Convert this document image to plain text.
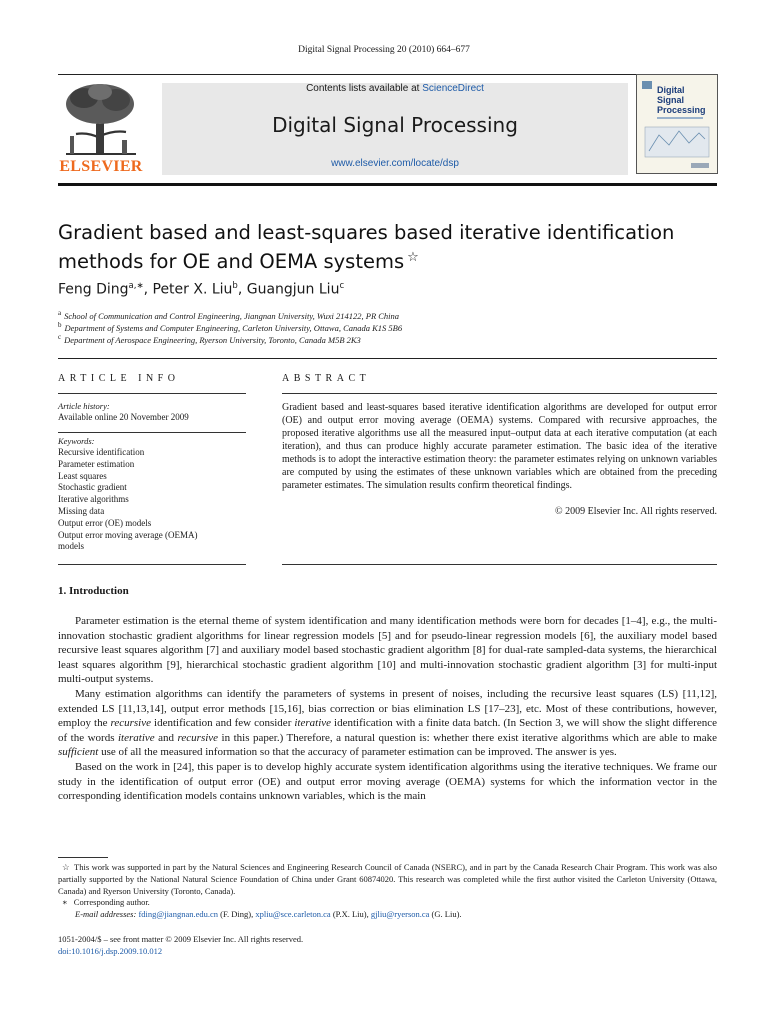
Digital Signal Processing 20 (2010) 664–677
ELSEVIER
Contents lists available at ScienceDirect
Digital Signal Processing
www.elsevier.com/locate/dsp
Digital
Signal
Processing
Gradient based and least-squares based iterative identification methods for OE and OEMA systems ☆
Feng Ding$^{a,∗}$, Peter X. Liu$^b$, Guangjun Liu$^c$
$^a$ School of Communication and Control Engineering, Jiangnan University, Wuxi 214122, PR China
$^b$ Department of Systems and Computer Engineering, Carleton University, Ottawa, Canada K1S 5B6
$^c$ Department of Aerospace Engineering, Ryerson University, Toronto, Canada M5B 2K3
ARTICLE INFO	ABSTRACT
Article history:
Available online 20 November 2009
Keywords:
Recursive identification
Parameter estimation
Least squares
Stochastic gradient
Iterative algorithms
Missing data
Output error (OE) models
Output error moving average (OEMA)
models
Gradient based and least-squares based iterative identification algorithms are developed for output error (OE) and output error moving average (OEMA) systems. Compared with recursive approaches, the proposed iterative algorithms use all the measured input–output data at each iterative computation (at each iteration), and thus can produce highly accurate parameter estimation. The basic idea of the iterative methods is to adopt the interactive estimation theory: the parameter estimates relying on unknown variables are computed by using the estimates of these unknown variables which are obtained from the preceding parameter estimates. The simulation results confirm theoretical findings.
© 2009 Elsevier Inc. All rights reserved.
1. Introduction

Parameter estimation is the eternal theme of system identification and many identification methods were born for decades [1–4], e.g., the multi-innovation stochastic gradient algorithms for linear regression models [5] and for pseudo-linear regression models [6], the auxiliary model based recursive least squares algorithm [7] and auxiliary model based stochastic gradient algorithm [8] for dual-rate sampled-data systems, the hierarchical least squares algorithm [9], hierarchical stochastic gradient algorithm [10] and multi-innovation stochastic gradient algorithm [3] for multi-input multi-output systems.

Many estimation algorithms can identify the parameters of systems in present of noises, including the recursive least squares (LS) [11,12], extended LS [11,13,14], output error methods [15,16], bias correction or bias elimination LS [17–23], etc. Most of these contributions, however, employ the recursive identification and few consider iterative identification with a finite data batch. (In Section 3, we will show the slight difference of the words iterative and recursive in this paper.) Therefore, a natural question is: whether there exist iterative algorithms which are able to make sufficient use of all the measured information so that the accuracy of parameter estimation can be improved. The answer is yes.

Based on the work in [24], this paper is to develop highly accurate system identification algorithms using the iterative techniques. We frame our study in the identification of output error (OE) and output error moving average (OEMA) systems for which the information vector in the corresponding identification models contains unknown variables, which is the main

☆ This work was supported in part by the Natural Sciences and Engineering Research Council of Canada (NSERC), and in part by the Canada Research Chair Program. This work was also partially supported by the National Natural Science Foundation of China under Grant 60874020. This research was completed while the first author visited the Carleton University (Ottawa, Canada) and Ryerson University (Toronto, Canada).

∗ Corresponding author.

E-mail addresses: fding@jiangnan.edu.cn (F. Ding), xpliu@sce.carleton.ca (P.X. Liu), gjliu@ryerson.ca (G. Liu).

1051-2004/$ – see front matter © 2009 Elsevier Inc. All rights reserved.
doi:10.1016/j.dsp.2009.10.012
